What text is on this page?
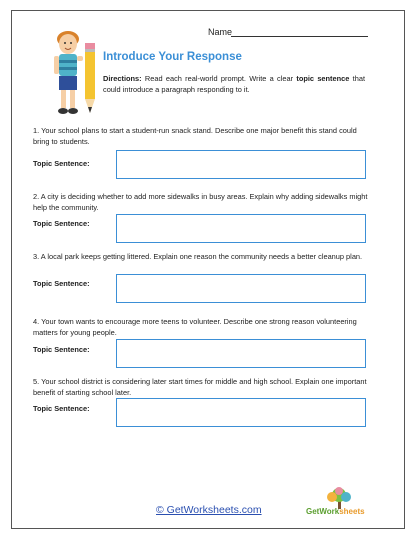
Name
Introduce Your Response
Directions: Read each real-world prompt. Write a clear topic sentence that could introduce a paragraph responding to it.
1. Your school plans to start a student-run snack stand. Describe one major benefit this stand could bring to students.
Topic Sentence:
2. A city is deciding whether to add more sidewalks in busy areas. Explain why adding sidewalks might help the community.
Topic Sentence:
3. A local park keeps getting littered. Explain one reason the community needs a better cleanup plan.
Topic Sentence:
4. Your town wants to encourage more teens to volunteer. Describe one strong reason volunteering matters for young people.
Topic Sentence:
5. Your school district is considering later start times for middle and high school. Explain one important benefit of starting school later.
Topic Sentence:
© GetWorksheets.com	GetWorksheets
